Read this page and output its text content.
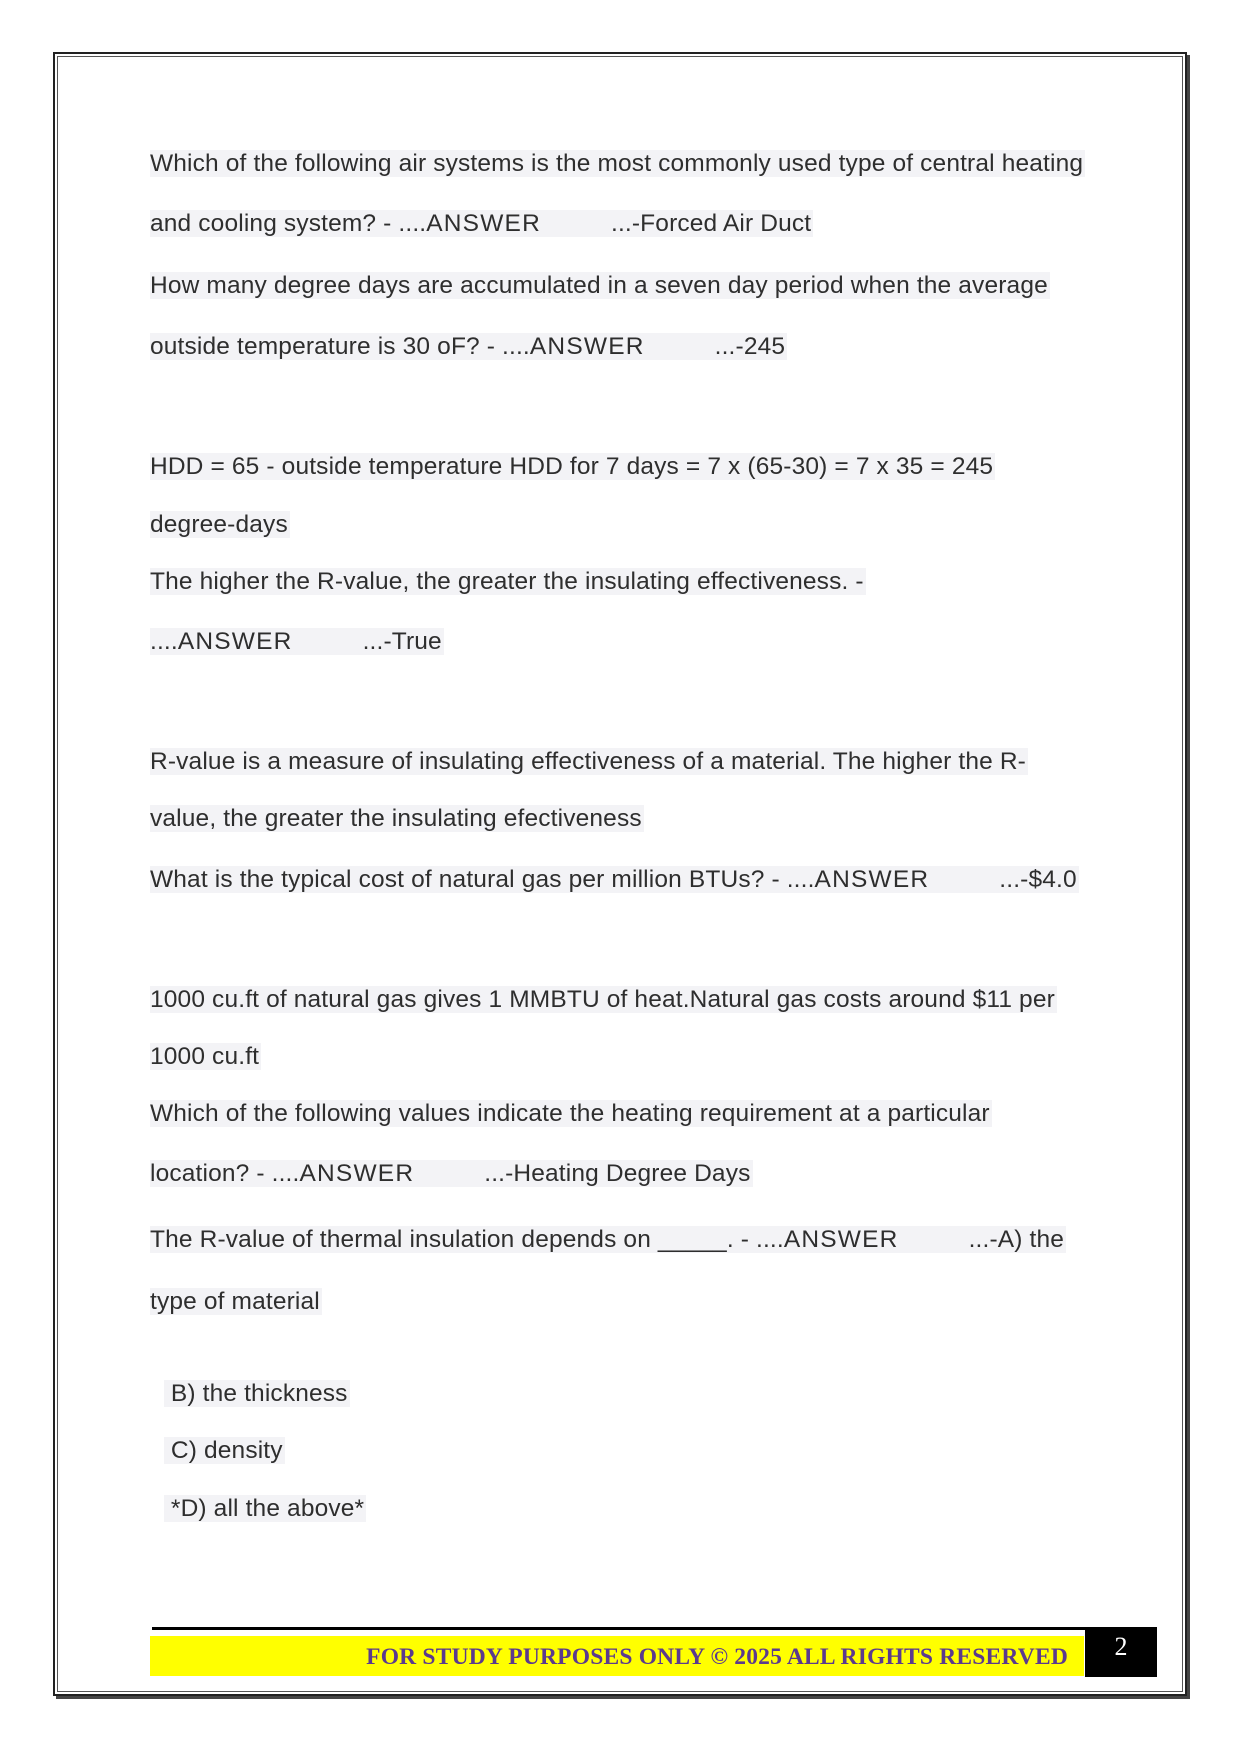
Which of the following air systems is the most commonly used type of central heating
and cooling system? - ....ANSWER	...-Forced Air Duct
How many degree days are accumulated in a seven day period when the average
outside temperature is 30 oF? - ....ANSWER	...-245
HDD = 65 - outside temperature HDD for 7 days = 7 x (65-30) = 7 x 35 = 245
degree-days
The higher the R-value, the greater the insulating effectiveness. -
....ANSWER	...-True
R-value is a measure of insulating effectiveness of a material. The higher the R-
value, the greater the insulating efectiveness
What is the typical cost of natural gas per million BTUs? - ....ANSWER	...-$4.0
1000 cu.ft of natural gas gives 1 MMBTU of heat.Natural gas costs around $11 per
1000 cu.ft
Which of the following values indicate the heating requirement at a particular
location? - ....ANSWER	...-Heating Degree Days
The R-value of thermal insulation depends on _____. - ....ANSWER	...-A) the
type of material

B) the thickness

C) density

*D) all the above*

FOR STUDY PURPOSES ONLY © 2025 ALL RIGHTS RESERVED	2
